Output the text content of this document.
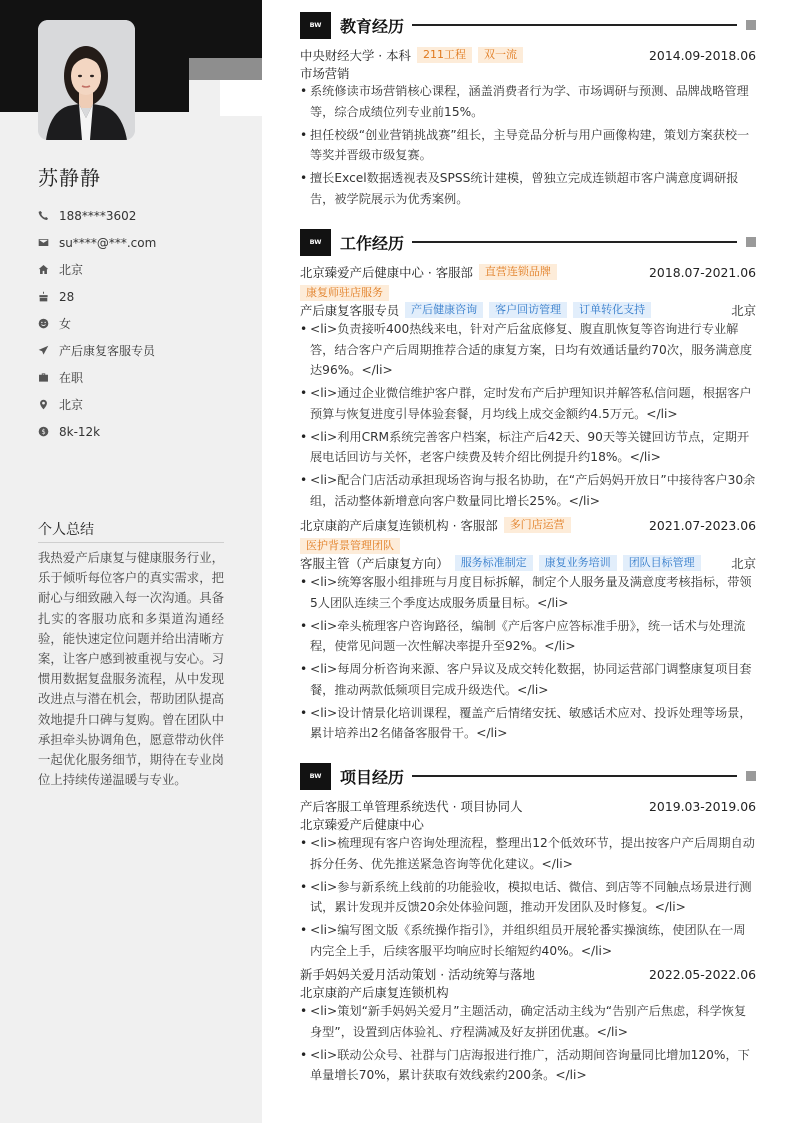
苏静静
188****3602
su****@***.com
北京
28
女
产后康复客服专员
在职
北京
$ 8k-12k
个人总结
我热爱产后康复与健康服务行业，乐于倾听每位客户的真实需求，把耐心与细致融入每一次沟通。具备扎实的客服功底和多渠道沟通经验，能快速定位问题并给出清晰方案，让客户感到被重视与安心。习惯用数据复盘服务流程，从中发现改进点与潜在机会，帮助团队提高效地提升口碑与复购。曾在团队中承担牵头协调角色，愿意带动伙伴一起优化服务细节，期待在专业岗位上持续传递温暖与专业。
BW	教育经历
中央财经大学 · 本科	211工程	双一流	2014.09-2018.06
市场营销
• 系统修读市场营销核心课程，涵盖消费者行为学、市场调研与预测、品牌战略管理等，综合成绩位列专业前15%。
• 担任校级“创业营销挑战赛”组长，主导竞品分析与用户画像构建，策划方案获校一等奖并晋级市级复赛。
• 擅长Excel数据透视表及SPSS统计建模，曾独立完成连锁超市客户满意度调研报告，被学院展示为优秀案例。
BW	工作经历
北京臻爱产后健康中心 · 客服部	直营连锁品牌	2018.07-2021.06
康复师驻店服务
产后康复客服专员	产后健康咨询	客户回访管理	订单转化支持	北京
• <li>负责接听400热线来电，针对产后盆底修复、腹直肌恢复等咨询进行专业解答，结合客户产后周期推荐合适的康复方案，日均有效通话量约70次，服务满意度达96%。</li>
• <li>通过企业微信维护客户群，定时发布产后护理知识并解答私信问题，根据客户预算与恢复进度引导体验套餐，月均线上成交金额约4.5万元。</li>
• <li>利用CRM系统完善客户档案，标注产后42天、90天等关键回访节点，定期开展电话回访与关怀，老客户续费及转介绍比例提升约18%。</li>
• <li>配合门店活动承担现场咨询与报名协助，在“产后妈妈开放日”中接待客户30余组，活动整体新增意向客户数量同比增长25%。</li>
北京康韵产后康复连锁机构 · 客服部	多门店运营	2021.07-2023.06
医护背景管理团队
客服主管（产后康复方向）	服务标准制定	康复业务培训	团队目标管理	北京
• <li>统筹客服小组排班与月度目标拆解，制定个人服务量及满意度考核指标，带领5人团队连续三个季度达成服务质量目标。</li>
• <li>牵头梳理客户咨询路径，编制《产后客户应答标准手册》，统一话术与处理流程，使常见问题一次性解决率提升至92%。</li>
• <li>每周分析咨询来源、客户异议及成交转化数据，协同运营部门调整康复项目套餐，推动两款低频项目完成升级迭代。</li>
• <li>设计情景化培训课程，覆盖产后情绪安抚、敏感话术应对、投诉处理等场景，累计培养出2名储备客服骨干。</li>
BW	项目经历
产后客服工单管理系统迭代 · 项目协同人	2019.03-2019.06
北京臻爱产后健康中心
• <li>梳理现有客户咨询处理流程，整理出12个低效环节，提出按客户产后周期自动拆分任务、优先推送紧急咨询等优化建议。</li>
• <li>参与新系统上线前的功能验收，模拟电话、微信、到店等不同触点场景进行测试，累计发现并反馈20余处体验问题，推动开发团队及时修复。</li>
• <li>编写图文版《系统操作指引》，并组织组员开展轮番实操演练，使团队在一周内完全上手，后续客服平均响应时长缩短约40%。</li>
新手妈妈关爱月活动策划 · 活动统筹与落地	2022.05-2022.06
北京康韵产后康复连锁机构
• <li>策划“新手妈妈关爱月”主题活动，确定活动主线为“告别产后焦虑，科学恢复身型”，设置到店体验礼、疗程满减及好友拼团优惠。</li>
• <li>联动公众号、社群与门店海报进行推广，活动期间咨询量同比增加120%，下单量增长70%，累计获取有效线索约200条。</li>
